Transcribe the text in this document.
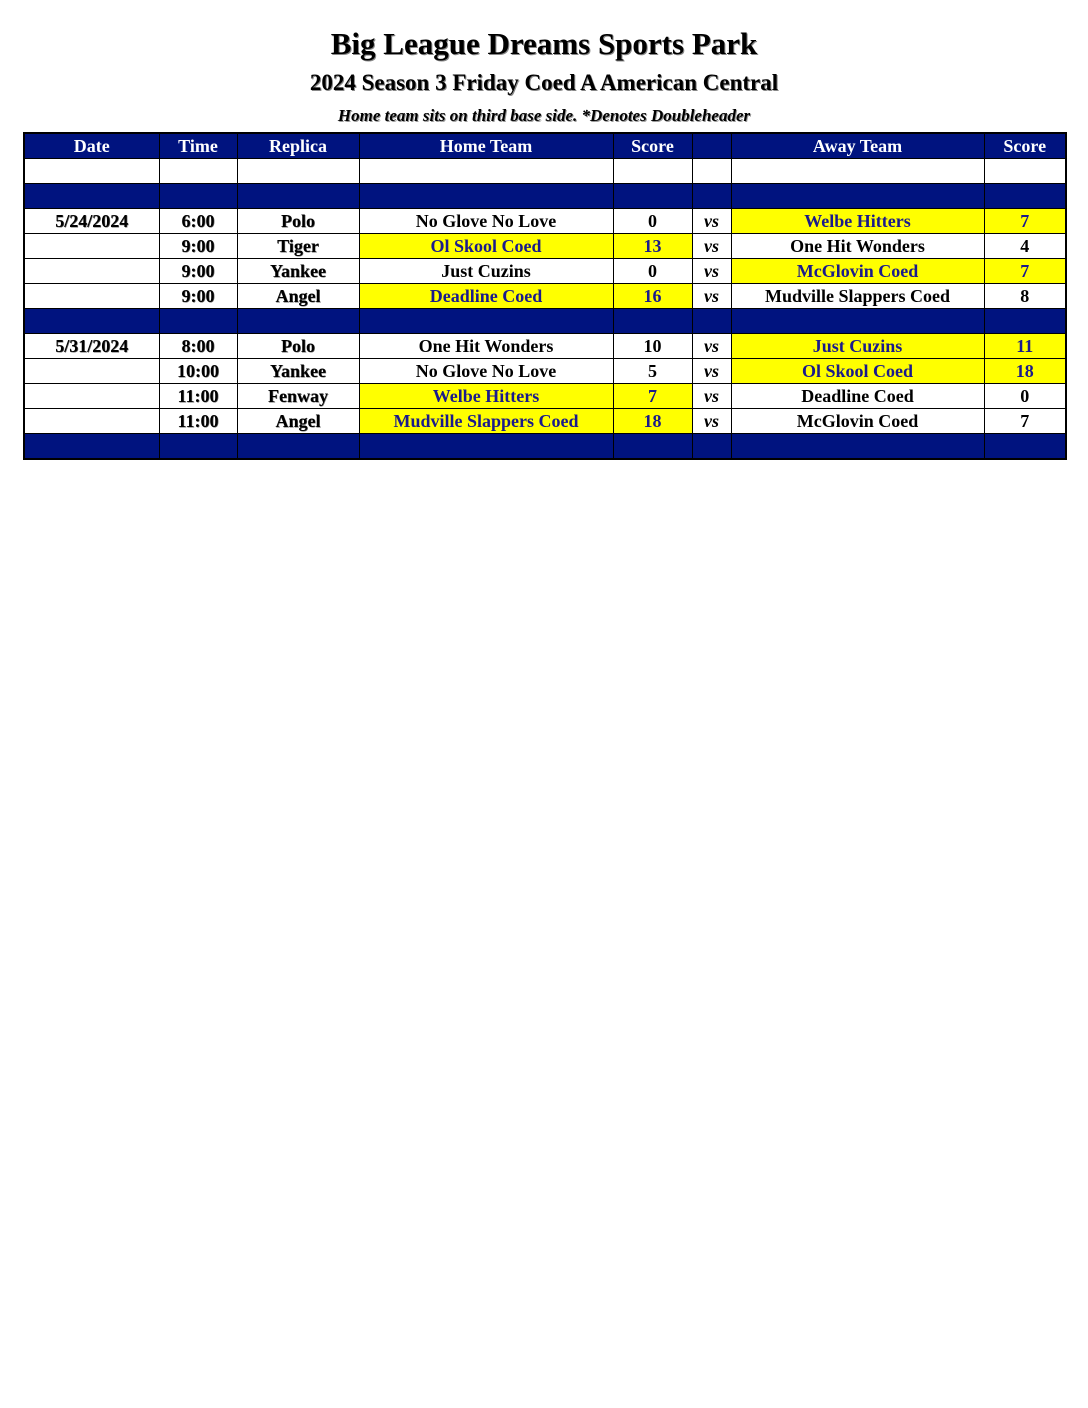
Big League Dreams Sports Park
2024 Season 3 Friday Coed A American Central
Home team sits on third base side. *Denotes Doubleheader
Date	Time	Replica	Home Team	Score		Away Team	Score

5/24/2024	6:00	Polo	No Glove No Love	0	vs	Welbe Hitters	7
	9:00	Tiger	Ol Skool Coed	13	vs	One Hit Wonders	4
	9:00	Yankee	Just Cuzins	0	vs	McGlovin Coed	7
	9:00	Angel	Deadline Coed	16	vs	Mudville Slappers Coed	8

5/31/2024	8:00	Polo	One Hit Wonders	10	vs	Just Cuzins	11
	10:00	Yankee	No Glove No Love	5	vs	Ol Skool Coed	18
	11:00	Fenway	Welbe Hitters	7	vs	Deadline Coed	0
	11:00	Angel	Mudville Slappers Coed	18	vs	McGlovin Coed	7
